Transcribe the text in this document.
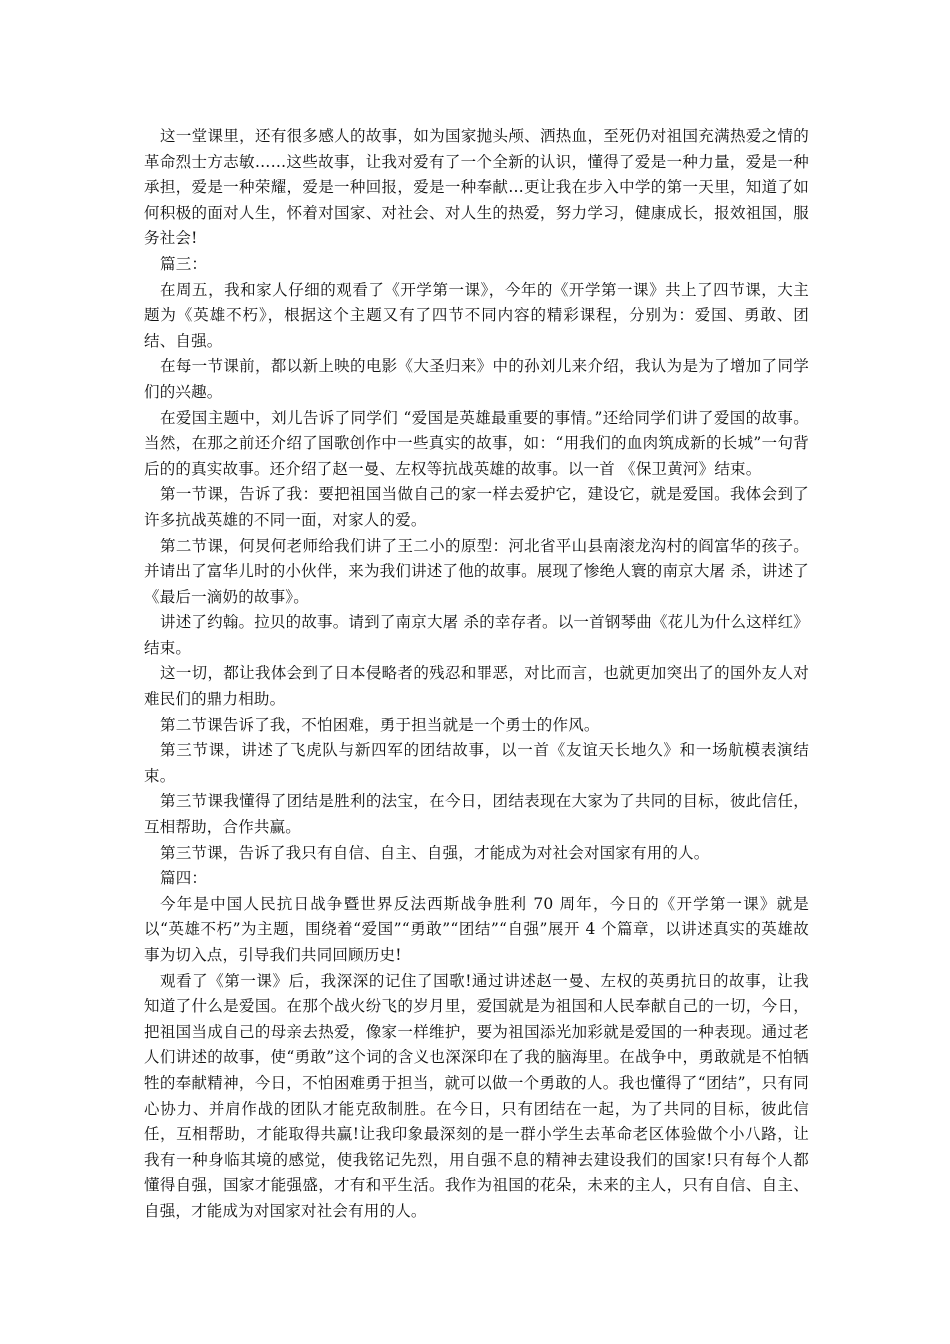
这一堂课里，还有很多感人的故事，如为国家抛头颅、洒热血，至死仍对祖国充满热爱之情的革命烈士方志敏……这些故事，让我对爱有了一个全新的认识，懂得了爱是一种力量，爱是一种承担，爱是一种荣耀，爱是一种回报，爱是一种奉献…更让我在步入中学的第一天里，知道了如何积极的面对人生，怀着对国家、对社会、对人生的热爱，努力学习，健康成长，报效祖国，服务社会!

篇三：

在周五，我和家人仔细的观看了《开学第一课》，今年的《开学第一课》共上了四节课，大主题为《英雄不朽》，根据这个主题又有了四节不同内容的精彩课程，分别为：爱国、勇敢、团结、自强。

在每一节课前，都以新上映的电影《大圣归来》中的孙刘儿来介绍，我认为是为了增加了同学们的兴趣。

在爱国主题中，刘儿告诉了同学们 “爱国是英雄最重要的事情。”还给同学们讲了爱国的故事。当然，在那之前还介绍了国歌创作中一些真实的故事，如：“用我们的血肉筑成新的长城”一句背后的的真实故事。还介绍了赵一曼、左权等抗战英雄的故事。以一首 《保卫黄河》结束。

第一节课，告诉了我：要把祖国当做自己的家一样去爱护它，建设它，就是爱国。我体会到了许多抗战英雄的不同一面，对家人的爱。

第二节课，何炅何老师给我们讲了王二小的原型：河北省平山县南滚龙沟村的阎富华的孩子。并请出了富华儿时的小伙伴，来为我们讲述了他的故事。展现了惨绝人寰的南京大屠 杀，讲述了《最后一滴奶的故事》。

讲述了约翰。拉贝的故事。请到了南京大屠 杀的幸存者。以一首钢琴曲《花儿为什么这样红》结束。

这一切，都让我体会到了日本侵略者的残忍和罪恶，对比而言，也就更加突出了的国外友人对难民们的鼎力相助。

第二节课告诉了我，不怕困难，勇于担当就是一个勇士的作风。

第三节课，讲述了飞虎队与新四军的团结故事，以一首《友谊天长地久》和一场航模表演结束。

第三节课我懂得了团结是胜利的法宝，在今日，团结表现在大家为了共同的目标，彼此信任，互相帮助，合作共赢。

第三节课，告诉了我只有自信、自主、自强，才能成为对社会对国家有用的人。

篇四：

今年是中国人民抗日战争暨世界反法西斯战争胜利 70 周年，今日的《开学第一课》就是以“英雄不朽”为主题，围绕着“爱国”“勇敢”“团结”“自强”展开 4 个篇章，以讲述真实的英雄故事为切入点，引导我们共同回顾历史!

观看了《第一课》后，我深深的记住了国歌!通过讲述赵一曼、左权的英勇抗日的故事，让我知道了什么是爱国。在那个战火纷飞的岁月里，爱国就是为祖国和人民奉献自己的一切，今日，把祖国当成自己的母亲去热爱，像家一样维护，要为祖国添光加彩就是爱国的一种表现。通过老人们讲述的故事，使“勇敢”这个词的含义也深深印在了我的脑海里。在战争中，勇敢就是不怕牺牲的奉献精神，今日，不怕困难勇于担当，就可以做一个勇敢的人。我也懂得了“团结”，只有同心协力、并肩作战的团队才能克敌制胜。在今日，只有团结在一起，为了共同的目标，彼此信任，互相帮助，才能取得共赢!让我印象最深刻的是一群小学生去革命老区体验做个小八路，让我有一种身临其境的感觉，使我铭记先烈，用自强不息的精神去建设我们的国家!只有每个人都懂得自强，国家才能强盛，才有和平生活。我作为祖国的花朵，未来的主人，只有自信、自主、自强，才能成为对国家对社会有用的人。
